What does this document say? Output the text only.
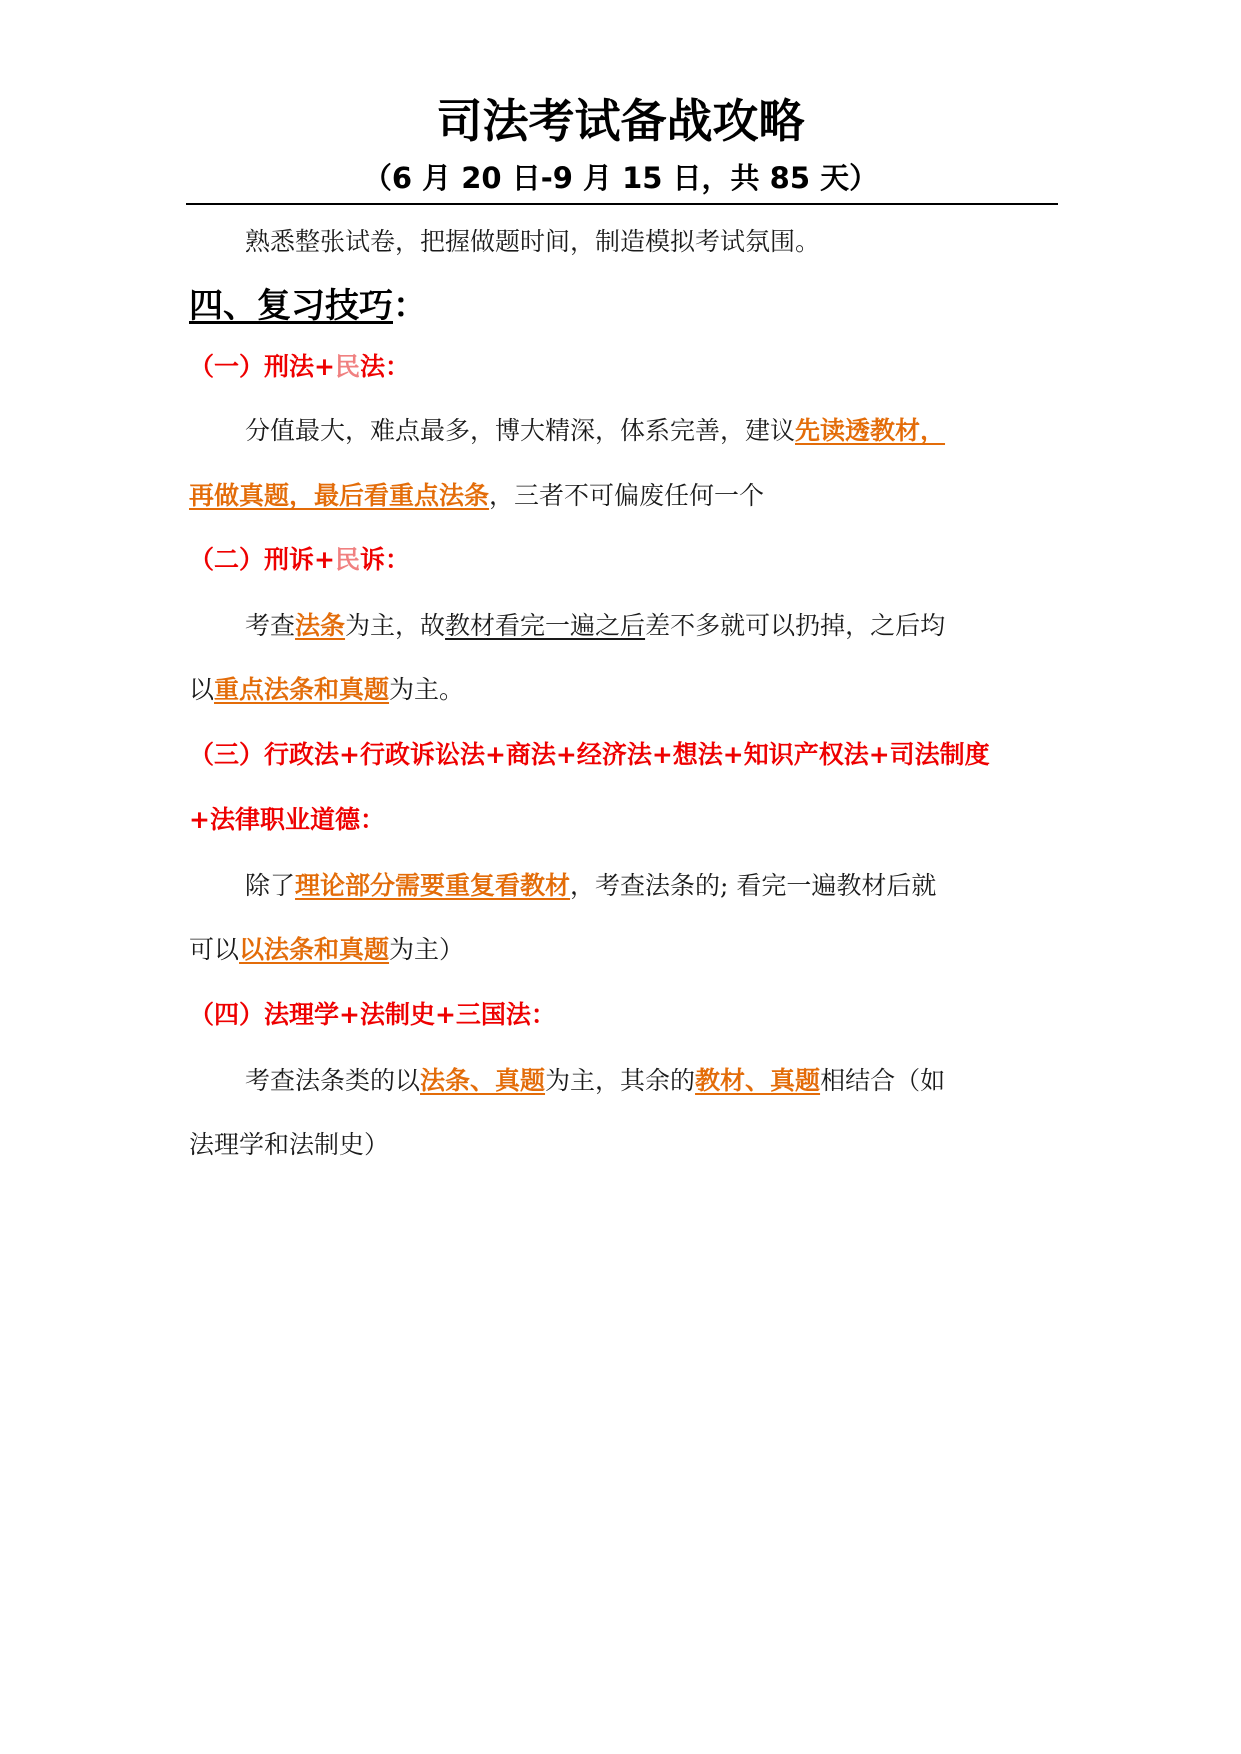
司法考试备战攻略
（6 月 20 日-9 月 15 日，共 85 天）
熟悉整张试卷，把握做题时间，制造模拟考试氛围。
四、复习技巧：
（一）刑法+民法：
分值最大，难点最多，博大精深，体系完善，建议先读透教材，
再做真题，最后看重点法条，三者不可偏废任何一个
（二）刑诉+民诉：
考查法条为主，故教材看完一遍之后差不多就可以扔掉，之后均
以重点法条和真题为主。
（三）行政法+行政诉讼法+商法+经济法+想法+知识产权法+司法制度
+法律职业道德：
除了理论部分需要重复看教材，考查法条的; 看完一遍教材后就
可以以法条和真题为主）
（四）法理学+法制史+三国法：
考查法条类的以法条、真题为主，其余的教材、真题相结合（如
法理学和法制史）
